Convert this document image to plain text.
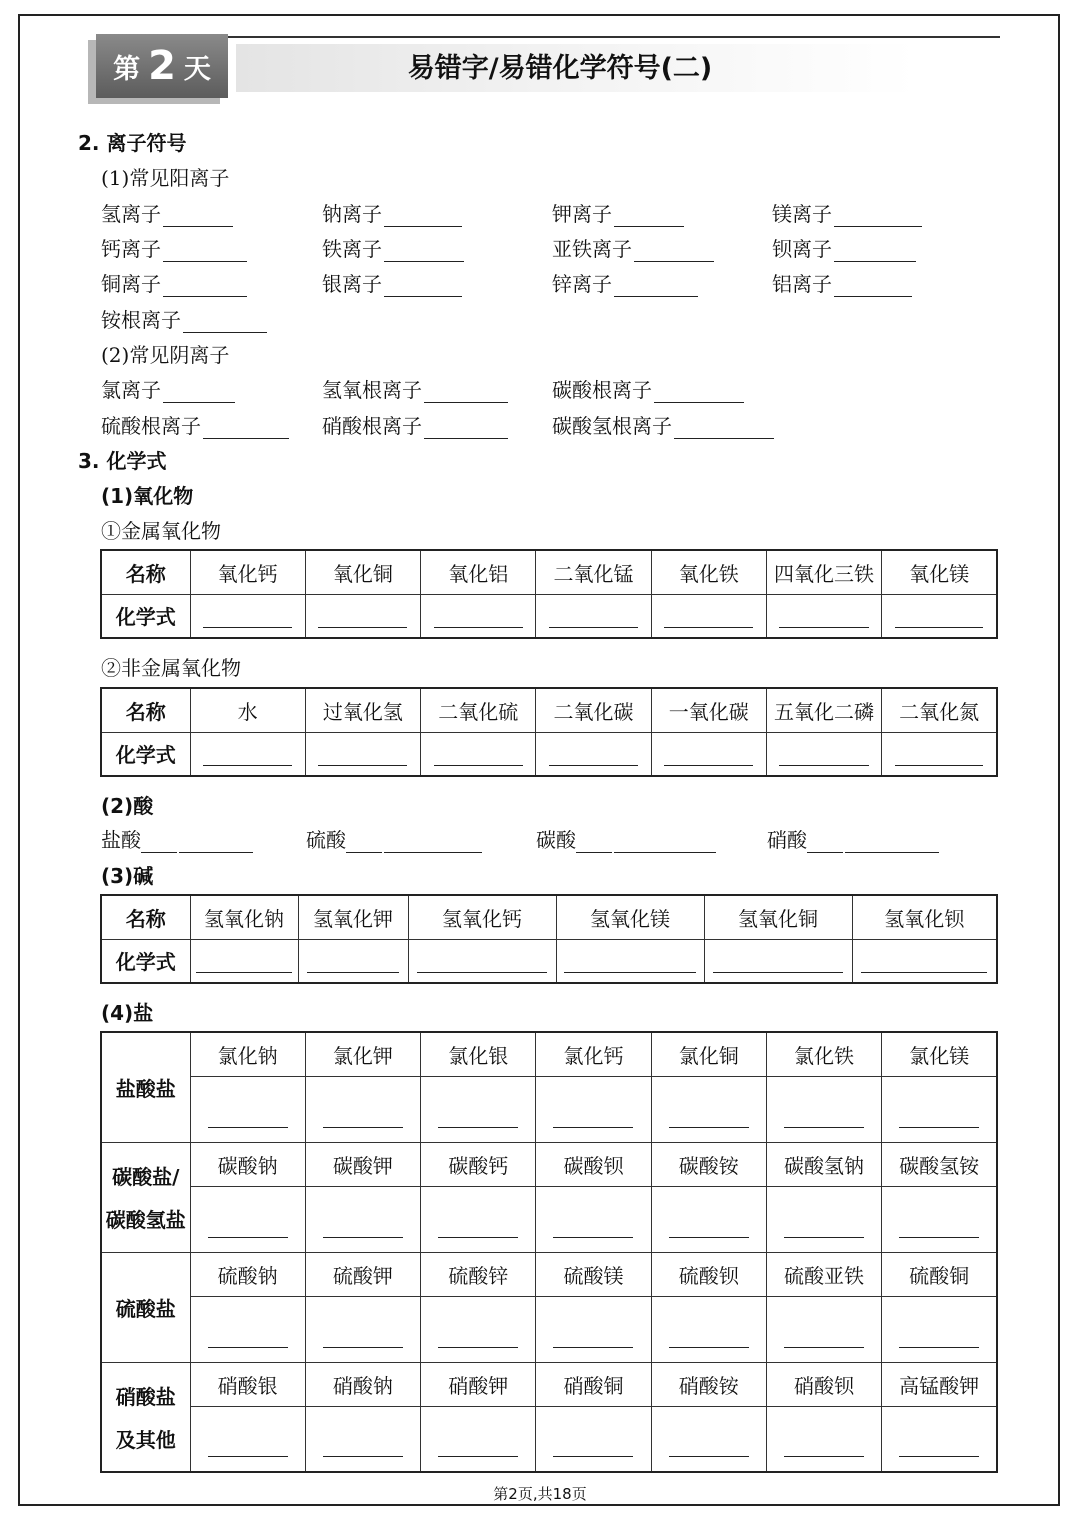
第 2 天	易错字/易错化学符号(二)
2. 离子符号
(1)常见阳离子
氢离子	钠离子	钾离子	镁离子
钙离子	铁离子	亚铁离子	钡离子
铜离子	银离子	锌离子	铝离子
铵根离子
(2)常见阴离子
氯离子	氢氧根离子	碳酸根离子
硫酸根离子	硝酸根离子	碳酸氢根离子
3. 化学式
(1)氧化物
①金属氧化物
名称	氧化钙	氧化铜	氧化铝	二氧化锰	氧化铁	四氧化三铁	氧化镁
化学式							
②非金属氧化物
名称	水	过氧化氢	二氧化硫	二氧化碳	一氧化碳	五氧化二磷	二氧化氮
化学式							
(2)酸
盐酸	硫酸	碳酸	硝酸
(3)碱
名称	氢氧化钠	氢氧化钾	氢氧化钙	氢氧化镁	氢氧化铜	氢氧化钡
化学式						
(4)盐
盐酸盐	氯化钠	氯化钾	氯化银	氯化钙	氯化铜	氯化铁	氯化镁

碳酸盐/
碳酸氢盐	碳酸钠	碳酸钾	碳酸钙	碳酸钡	碳酸铵	碳酸氢钠	碳酸氢铵

硫酸盐	硫酸钠	硫酸钾	硫酸锌	硫酸镁	硫酸钡	硫酸亚铁	硫酸铜

硝酸盐
及其他	硝酸银	硝酸钠	硝酸钾	硝酸铜	硝酸铵	硝酸钡	高锰酸钾

第2页,共18页
